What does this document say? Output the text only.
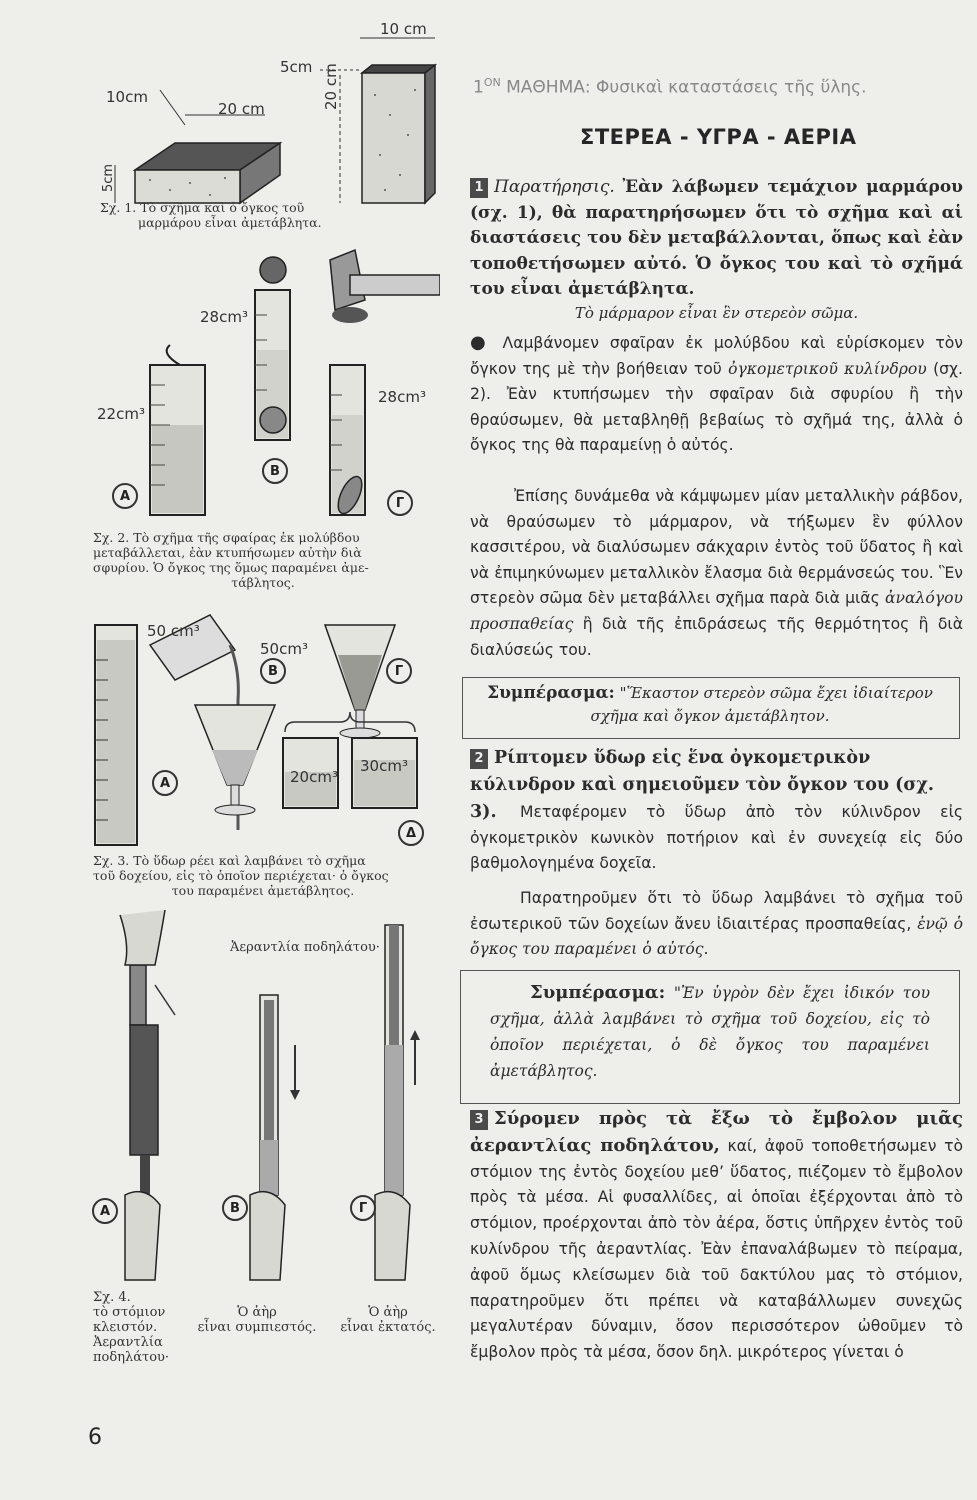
10 cm
5cm
10cm
20 cm	20 cm
5cm
Σχ. 1. Τὸ σχῆμα καὶ ὁ ὄγκος τοῦ
μαρμάρου εἶναι ἀμετάβλητα.
28cm³
22cm³
28cm³
Α
Β
Γ
Σχ. 2. Τὸ σχῆμα τῆς σφαίρας ἐκ μολύβδου
μεταβάλλεται, ἐὰν κτυπήσωμεν αὐτὴν διὰ
σφυρίου. Ὁ ὄγκος της ὅμως παραμένει ἀμε-

τάβλητος.
50 cm³
50cm³
20cm³
30cm³
Α
Β	Γ
Δ
Σχ. 3. Τὸ ὕδωρ ρέει καὶ λαμβάνει τὸ σχῆμα
τοῦ δοχείου, εἰς τὸ ὁποῖον περιέχεται· ὁ ὄγκος

του παραμένει ἀμετάβλητος.
Ἀεραντλία ποδηλάτου·
Α	Β	Γ
Σχ. 4.
τὸ στόμιον
κλειστόν.
Ἀεραντλία
ποδηλάτου·
Ὁ ἀὴρ
εἶναι συμπιεστός.
Ὁ ἀὴρ
εἶναι ἐκτατός.
6
$1^{ON}$ ΜΑΘΗΜΑ: Φυσικαὶ καταστάσεις τῆς ὕλης.
ΣΤΕΡΕΑ - ΥΓΡΑ - ΑΕΡΙΑ
1 Παρατήρησις. Ἐὰν λάβωμεν τεμάχιον μαρμάρου (σχ. 1), θὰ παρατηρήσωμεν ὅτι τὸ σχῆμα καὶ αἱ διαστάσεις του δὲν μεταβάλλονται, ὅπως καὶ ἐὰν τοποθετήσωμεν αὐτό. Ὁ ὄγκος του καὶ τὸ σχῆμά του εἶναι ἀμετάβλητα.
Τὸ μάρμαρον εἶναι ἓν στερεὸν σῶμα.
● Λαμβάνομεν σφαῖραν ἐκ μολύβδου καὶ εὑρίσκομεν τὸν ὄγκον της μὲ τὴν βοήθειαν τοῦ ὀγκομετρικοῦ κυλίνδρου (σχ. 2). Ἐὰν κτυπήσωμεν τὴν σφαῖραν διὰ σφυρίου ἢ τὴν θραύσωμεν, θὰ μεταβληθῇ βεβαίως τὸ σχῆμά της, ἀλλὰ ὁ ὄγκος της θὰ παραμείνῃ ὁ αὐτός.
Ἐπίσης δυνάμεθα νὰ κάμψωμεν μίαν μεταλλικὴν ράβδον, νὰ θραύσωμεν τὸ μάρμαρον, νὰ τήξωμεν ἓν φύλλον κασσιτέρου, νὰ διαλύσωμεν σάκχαριν ἐντὸς τοῦ ὕδατος ἢ καὶ νὰ ἐπιμηκύνωμεν μεταλλικὸν ἔλασμα διὰ θερμάνσεώς του. Ἓν στερεὸν σῶμα δὲν μεταβάλλει σχῆμα παρὰ διὰ μιᾶς ἀναλόγου προσπαθείας ἢ διὰ τῆς ἐπιδράσεως τῆς θερμότητος ἢ διὰ διαλύσεώς του.
Συμπέρασμα: "Ἕκαστον στερεὸν σῶμα ἔχει ἰδιαίτερον σχῆμα καὶ ὄγκον ἀμετάβλητον.
2 Ρίπτομεν ὕδωρ εἰς ἕνα ὀγκομετρικὸν κύλινδρον καὶ σημειοῦμεν τὸν ὄγκον του (σχ. 3).	Μεταφέρομεν τὸ ὕδωρ ἀπὸ τὸν κύλινδρον εἰς ὀγκομετρικὸν κωνικὸν ποτήριον καὶ ἐν συνεχείᾳ εἰς δύο βαθμολογημένα δοχεῖα.
Παρατηροῦμεν ὅτι τὸ ὕδωρ λαμβάνει τὸ σχῆμα τοῦ ἐσωτερικοῦ τῶν δοχείων ἄνευ ἰδιαιτέρας προσπαθείας, ἐνῷ ὁ ὄγκος του παραμένει ὁ αὐτός.
Συμπέρασμα: "Ἐν ὑγρὸν δὲν ἔχει ἰδικόν του σχῆμα, ἀλλὰ λαμβάνει τὸ σχῆμα τοῦ δοχείου, εἰς τὸ ὁποῖον περιέχεται, ὁ δὲ ὄγκος του παραμένει ἀμετάβλητος.
3 Σύρομεν πρὸς τὰ ἔξω τὸ ἔμβολον μιᾶς ἀεραντλίας ποδηλάτου, καί, ἀφοῦ τοποθετήσωμεν τὸ στόμιον της ἐντὸς δοχείου μεθ’ ὕδατος, πιέζομεν τὸ ἔμβολον πρὸς τὰ μέσα. Αἱ φυσαλλίδες, αἱ ὁποῖαι ἐξέρχονται ἀπὸ τὸ στόμιον, προέρχονται ἀπὸ τὸν ἀέρα, ὅστις ὑπῆρχεν ἐντὸς τοῦ κυλίνδρου τῆς ἀεραντλίας. Ἐὰν ἐπαναλάβωμεν τὸ πείραμα, ἀφοῦ ὅμως κλείσωμεν διὰ τοῦ δακτύλου μας τὸ στόμιον, παρατηροῦμεν ὅτι πρέπει νὰ καταβάλλωμεν συνεχῶς μεγαλυτέραν δύναμιν, ὅσον περισσότερον ὠθοῦμεν τὸ ἔμβολον πρὸς τὰ μέσα, ὅσον δηλ. μικρότερος γίνεται ὁ
